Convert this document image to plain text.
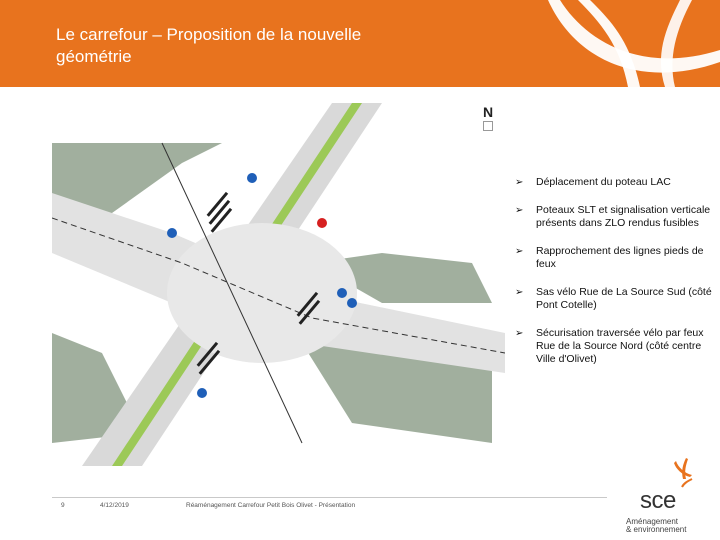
Le carrefour – Proposition de la nouvelle géométrie
N
➢ Déplacement du poteau LAC
➢ Poteaux SLT et signalisation verticale présents dans ZLO rendus fusibles
➢ Rapprochement des lignes pieds de feux
➢ Sas vélo Rue de La Source Sud (côté Pont Cotelle)
➢ Sécurisation traversée vélo par feux Rue de la Source Nord (côté centre Ville d'Olivet)
9	4/12/2019	Réaménagement Carrefour Petit Bois Olivet - Présentation	sce
Aménagement
& environnement
